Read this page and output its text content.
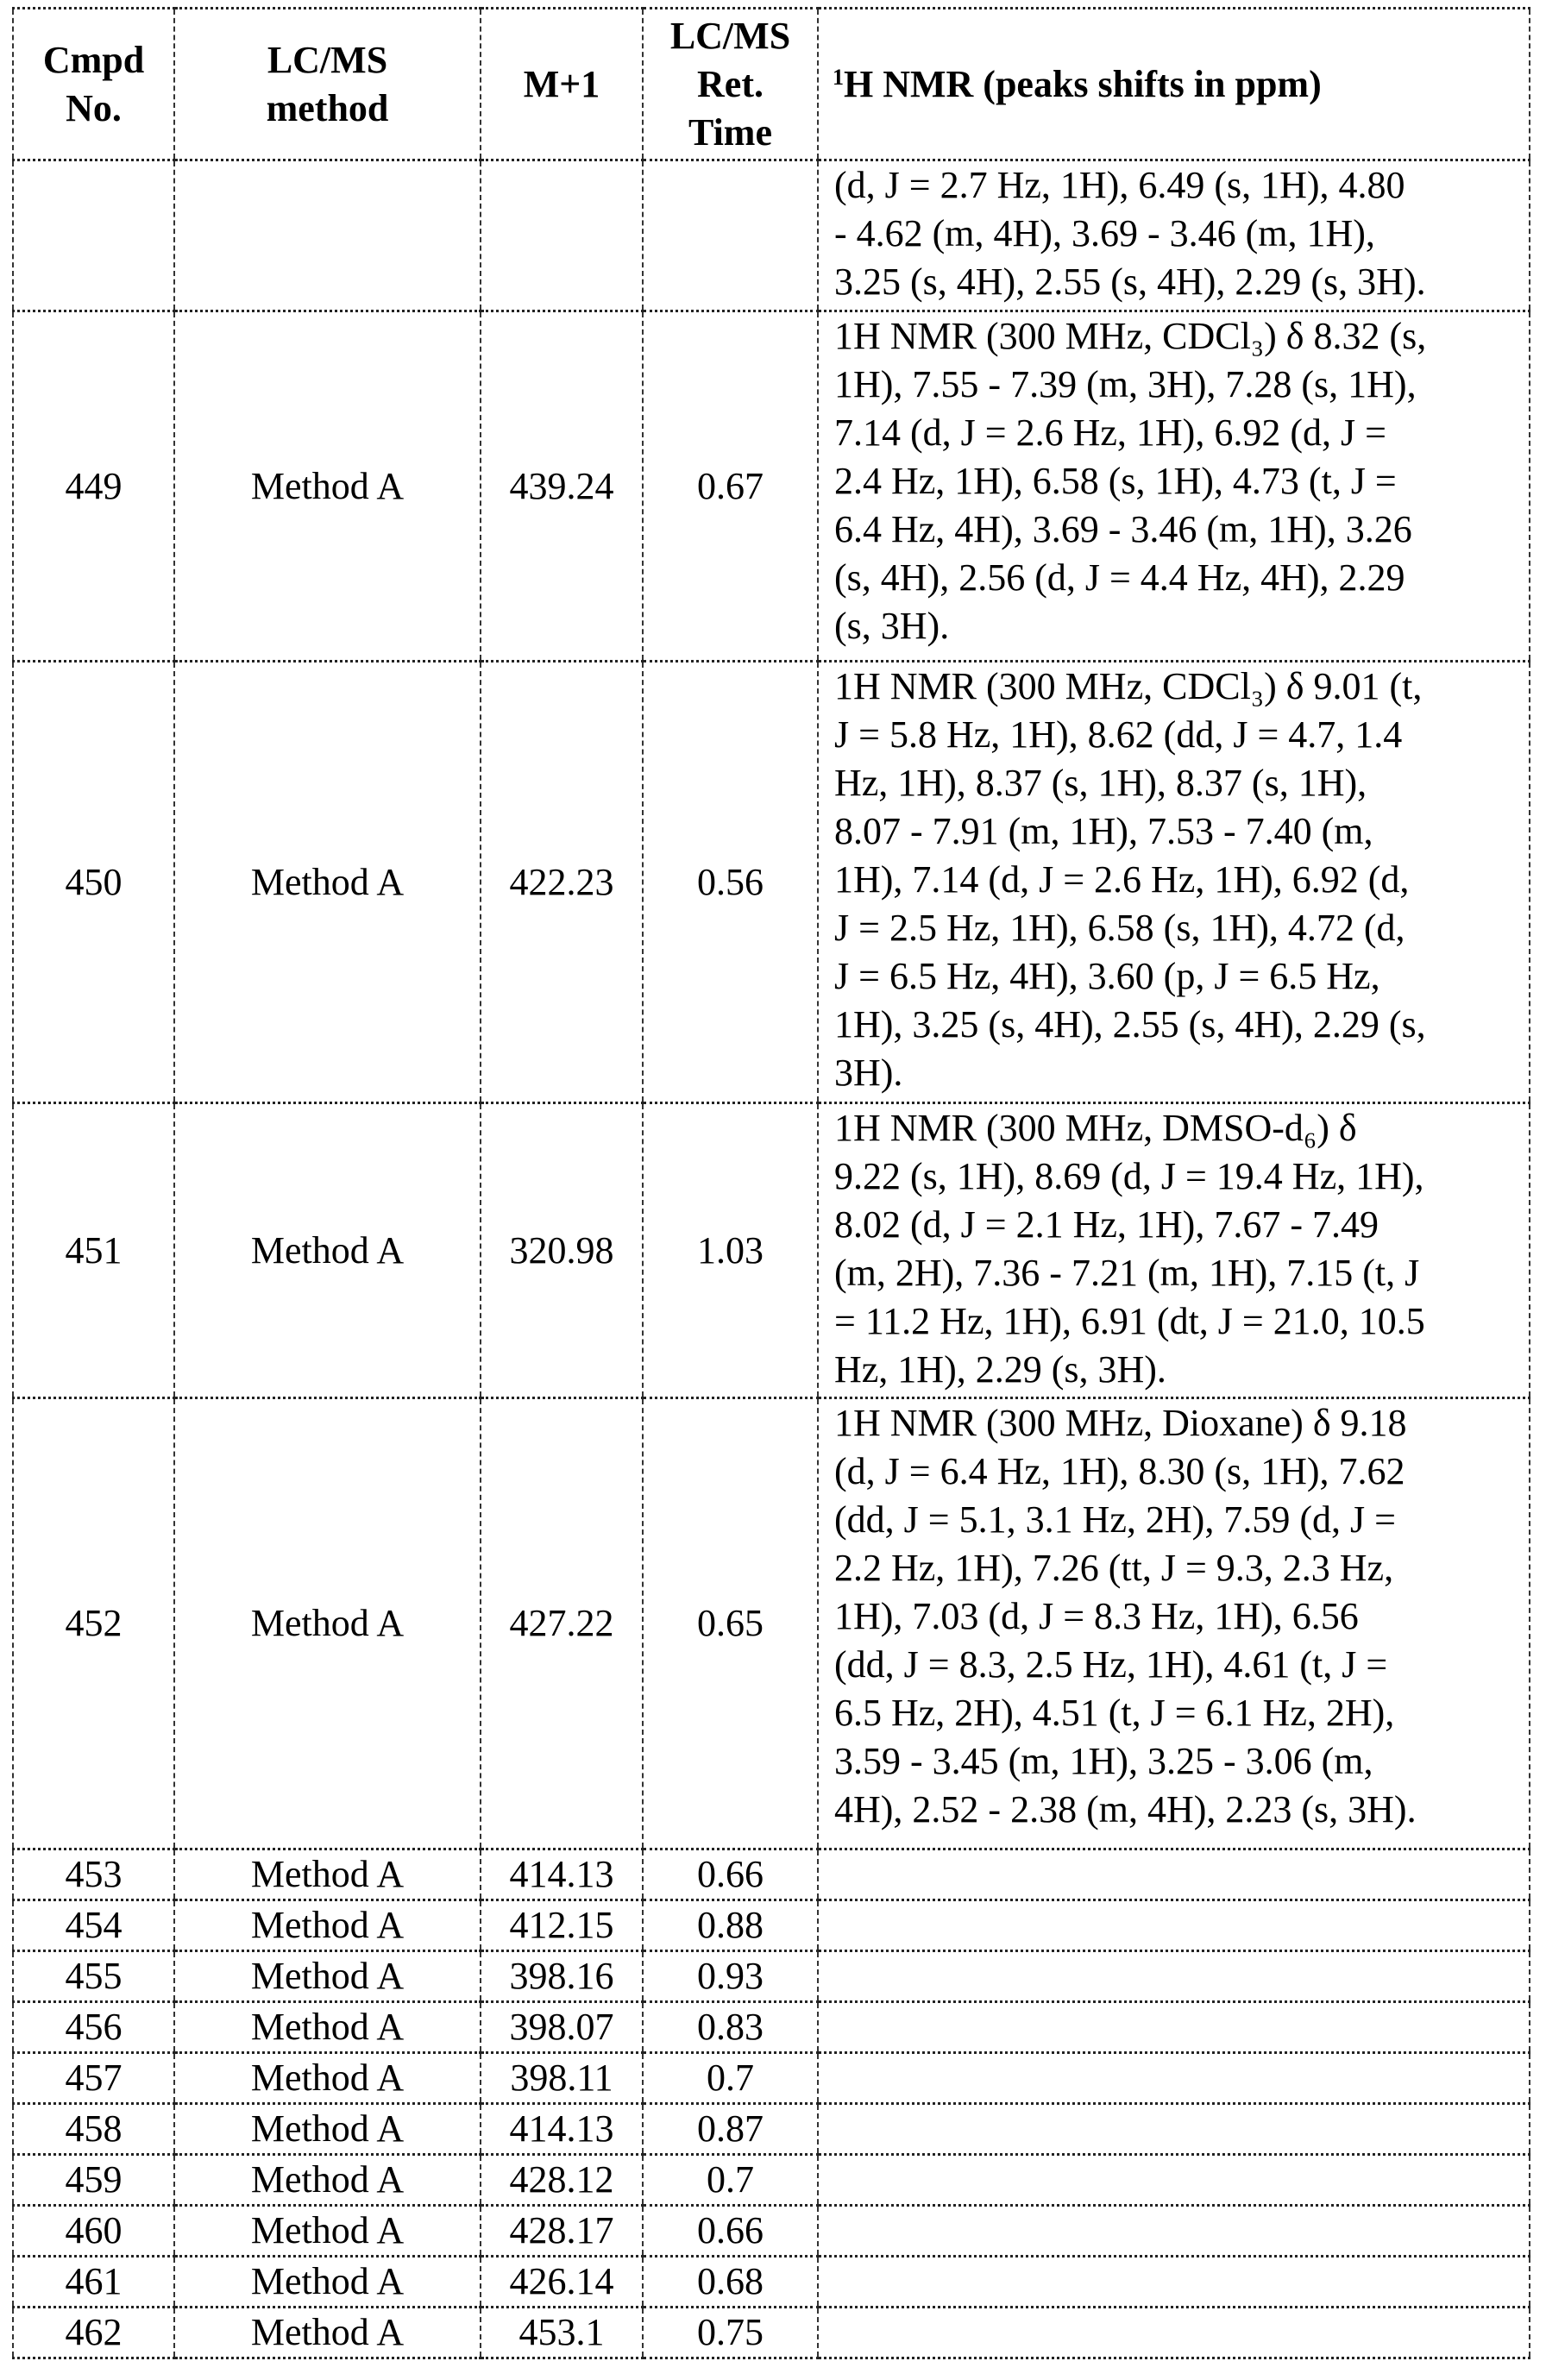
Cmpd
No.

LC/MS
method
	M+1	
LC/MS
Ret.
Time
	1H NMR (peaks shifts in ppm)

(d, J = 2.7 Hz, 1H), 6.49 (s, 1H), 4.80
- 4.62 (m, 4H), 3.69 - 3.46 (m, 1H),
3.25 (s, 4H), 2.55 (s, 4H), 2.29 (s, 3H).

449	Method A	439.24	0.67	
1H NMR (300 MHz, CDCl₃) δ 8.32 (s,
1H), 7.55 - 7.39 (m, 3H), 7.28 (s, 1H),
7.14 (d, J = 2.6 Hz, 1H), 6.92 (d, J =
2.4 Hz, 1H), 6.58 (s, 1H), 4.73 (t, J =
6.4 Hz, 4H), 3.69 - 3.46 (m, 1H), 3.26
(s, 4H), 2.56 (d, J = 4.4 Hz, 4H), 2.29
(s, 3H).

450	Method A	422.23	0.56	
1H NMR (300 MHz, CDCl₃) δ 9.01 (t,
J = 5.8 Hz, 1H), 8.62 (dd, J = 4.7, 1.4
Hz, 1H), 8.37 (s, 1H), 8.37 (s, 1H),
8.07 - 7.91 (m, 1H), 7.53 - 7.40 (m,
1H), 7.14 (d, J = 2.6 Hz, 1H), 6.92 (d,
J = 2.5 Hz, 1H), 6.58 (s, 1H), 4.72 (d,
J = 6.5 Hz, 4H), 3.60 (p, J = 6.5 Hz,
1H), 3.25 (s, 4H), 2.55 (s, 4H), 2.29 (s,
3H).

451	Method A	320.98	1.03	
1H NMR (300 MHz, DMSO-d₆) δ
9.22 (s, 1H), 8.69 (d, J = 19.4 Hz, 1H),
8.02 (d, J = 2.1 Hz, 1H), 7.67 - 7.49
(m, 2H), 7.36 - 7.21 (m, 1H), 7.15 (t, J
= 11.2 Hz, 1H), 6.91 (dt, J = 21.0, 10.5
Hz, 1H), 2.29 (s, 3H).

452	Method A	427.22	0.65	
1H NMR (300 MHz, Dioxane) δ 9.18
(d, J = 6.4 Hz, 1H), 8.30 (s, 1H), 7.62
(dd, J = 5.1, 3.1 Hz, 2H), 7.59 (d, J =
2.2 Hz, 1H), 7.26 (tt, J = 9.3, 2.3 Hz,
1H), 7.03 (d, J = 8.3 Hz, 1H), 6.56
(dd, J = 8.3, 2.5 Hz, 1H), 4.61 (t, J =
6.5 Hz, 2H), 4.51 (t, J = 6.1 Hz, 2H),
3.59 - 3.45 (m, 1H), 3.25 - 3.06 (m,
4H), 2.52 - 2.38 (m, 4H), 2.23 (s, 3H).

453	Method A	414.13	0.66	
454	Method A	412.15	0.88	
455	Method A	398.16	0.93	
456	Method A	398.07	0.83	
457	Method A	398.11	0.7	
458	Method A	414.13	0.87	
459	Method A	428.12	0.7	
460	Method A	428.17	0.66	
461	Method A	426.14	0.68	
462	Method A	453.1	0.75	
